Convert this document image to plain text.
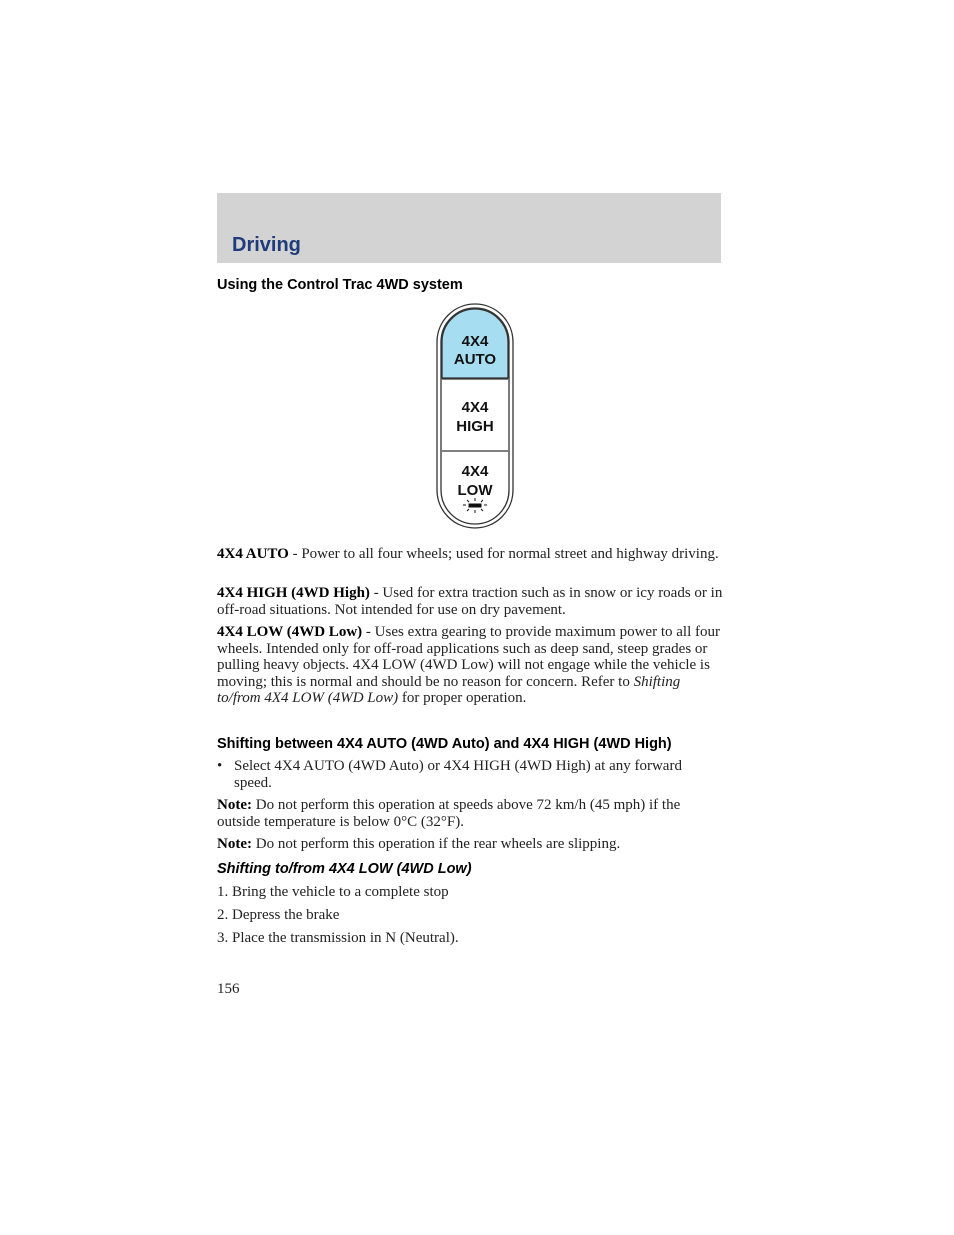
Driving
Using the Control Trac 4WD system
4X4
AUTO
4X4
HIGH
4X4
LOW
4X4 AUTO - Power to all four wheels; used for normal street and highway driving.
4X4 HIGH (4WD High) - Used for extra traction such as in snow or icy roads or in off-road situations. Not intended for use on dry pavement.
4X4 LOW (4WD Low) - Uses extra gearing to provide maximum power to all four wheels. Intended only for off-road applications such as deep sand, steep grades or pulling heavy objects. 4X4 LOW (4WD Low) will not engage while the vehicle is moving; this is normal and should be no reason for concern. Refer to Shifting to/from 4X4 LOW (4WD Low) for proper operation.
Shifting between 4X4 AUTO (4WD Auto) and 4X4 HIGH (4WD High)
• Select 4X4 AUTO (4WD Auto) or 4X4 HIGH (4WD High) at any forward speed.
Note: Do not perform this operation at speeds above 72 km/h (45 mph) if the outside temperature is below 0°C (32°F).
Note: Do not perform this operation if the rear wheels are slipping.
Shifting to/from 4X4 LOW (4WD Low)
1. Bring the vehicle to a complete stop
2. Depress the brake
3. Place the transmission in N (Neutral).
156
